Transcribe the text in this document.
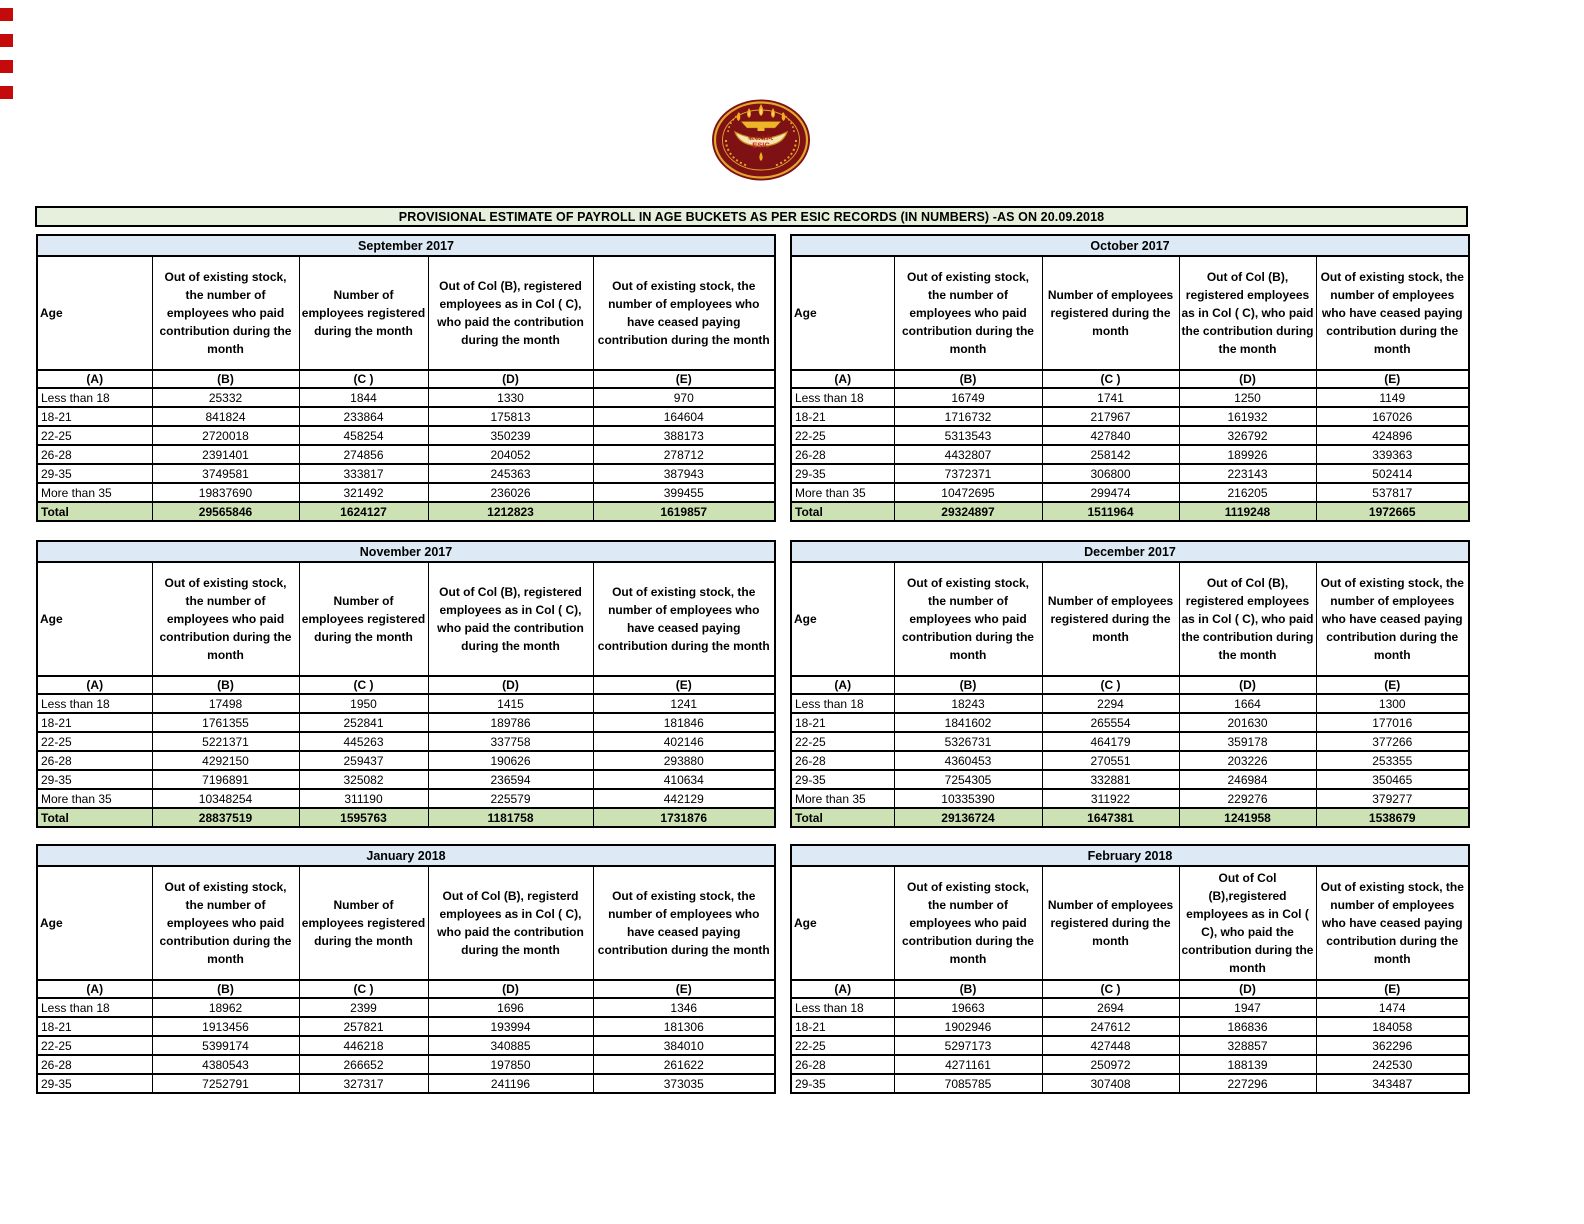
क.रा.बी.नि.
ESIC
PROVISIONAL ESTIMATE OF PAYROLL IN AGE BUCKETS AS PER ESIC RECORDS (IN NUMBERS) -AS ON 20.09.2018
September 2017				
Age	Out of existing stock, the number of employees who paid contribution during the month	Number of employees registered during the month	Out of Col (B), registered employees as in Col ( C), who paid the contribution during the month	Out of existing stock, the number of employees who have ceased paying contribution during the month
(A)	(B)	(C )	(D)	(E)
Less than 18	25332	1844	1330	970
18-21	841824	233864	175813	164604
22-25	2720018	458254	350239	388173
26-28	2391401	274856	204052	278712
29-35	3749581	333817	245363	387943
More than 35	19837690	321492	236026	399455
Total	29565846	1624127	1212823	1619857
October 2017				
Age	Out of existing stock, the number of employees who paid contribution during the month	Number of employees registered during the month	Out of Col (B), registered employees as in Col ( C), who paid the contribution during the month	Out of existing stock, the number of employees who have ceased paying contribution during the month
(A)	(B)	(C )	(D)	(E)
Less than 18	16749	1741	1250	1149
18-21	1716732	217967	161932	167026
22-25	5313543	427840	326792	424896
26-28	4432807	258142	189926	339363
29-35	7372371	306800	223143	502414
More than 35	10472695	299474	216205	537817
Total	29324897	1511964	1119248	1972665
November 2017				
Age	Out of existing stock, the number of employees who paid contribution during the month	Number of employees registered during the month	Out of Col (B), registered employees as in Col ( C), who paid the contribution during the month	Out of existing stock, the number of employees who have ceased paying contribution during the month
(A)	(B)	(C )	(D)	(E)
Less than 18	17498	1950	1415	1241
18-21	1761355	252841	189786	181846
22-25	5221371	445263	337758	402146
26-28	4292150	259437	190626	293880
29-35	7196891	325082	236594	410634
More than 35	10348254	311190	225579	442129
Total	28837519	1595763	1181758	1731876
December 2017				
Age	Out of existing stock, the number of employees who paid contribution during the month	Number of employees registered during the month	Out of Col (B), registered employees as in Col ( C), who paid the contribution during the month	Out of existing stock, the number of employees who have ceased paying contribution during the month
(A)	(B)	(C )	(D)	(E)
Less than 18	18243	2294	1664	1300
18-21	1841602	265554	201630	177016
22-25	5326731	464179	359178	377266
26-28	4360453	270551	203226	253355
29-35	7254305	332881	246984	350465
More than 35	10335390	311922	229276	379277
Total	29136724	1647381	1241958	1538679
January 2018				
Age	Out of existing stock, the number of employees who paid contribution during the month	Number of employees registered during the month	Out of Col (B), registerd employees as in Col ( C), who paid the contribution during the month	Out of existing stock, the number of employees who have ceased paying contribution during the month
(A)	(B)	(C )	(D)	(E)
Less than 18	18962	2399	1696	1346
18-21	1913456	257821	193994	181306
22-25	5399174	446218	340885	384010
26-28	4380543	266652	197850	261622
29-35	7252791	327317	241196	373035
February 2018				
Age	Out of existing stock, the number of employees who paid contribution during the month	Number of employees registered during the month	Out of Col (B),registered employees as in Col ( C), who paid the contribution during the month	Out of existing stock, the number of employees who have ceased paying contribution during the month
(A)	(B)	(C )	(D)	(E)
Less than 18	19663	2694	1947	1474
18-21	1902946	247612	186836	184058
22-25	5297173	427448	328857	362296
26-28	4271161	250972	188139	242530
29-35	7085785	307408	227296	343487
